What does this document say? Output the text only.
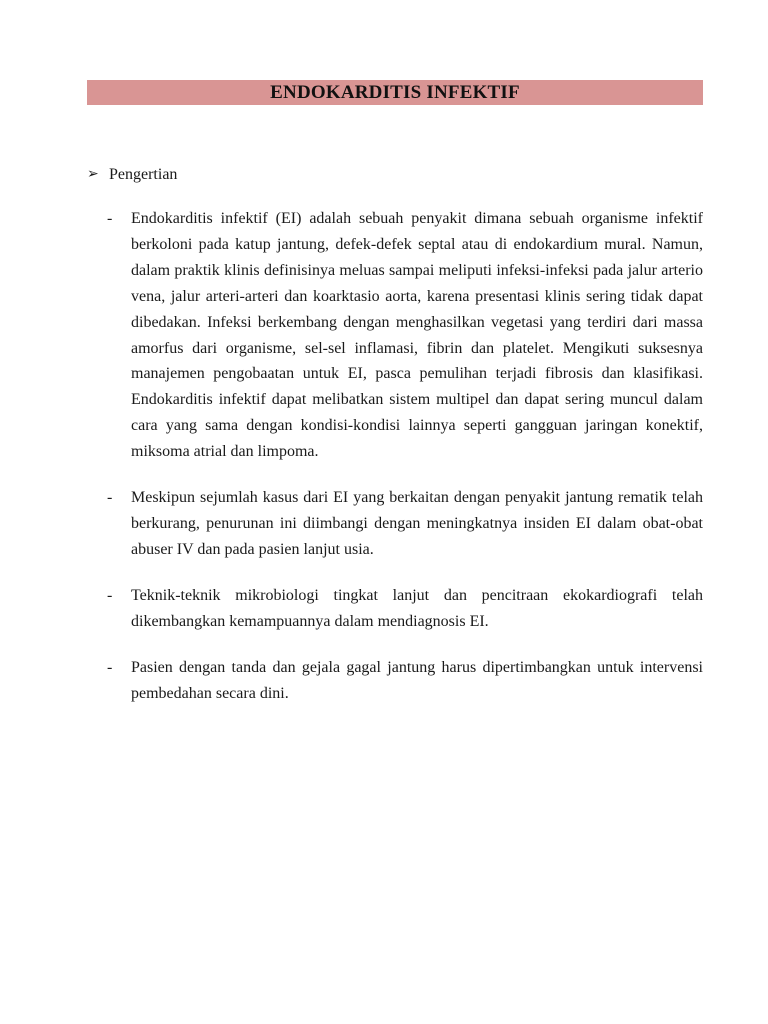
ENDOKARDITIS INFEKTIF
➢ Pengertian
-	Endokarditis infektif (EI) adalah sebuah penyakit dimana sebuah organisme infektif berkoloni pada katup jantung, defek-defek septal atau di endokardium mural. Namun, dalam praktik klinis definisinya meluas sampai meliputi infeksi-infeksi pada jalur arterio vena, jalur arteri-arteri dan koarktasio aorta, karena presentasi klinis sering tidak dapat dibedakan. Infeksi berkembang dengan menghasilkan vegetasi yang terdiri dari massa amorfus dari organisme, sel-sel inflamasi, fibrin dan platelet. Mengikuti suksesnya manajemen pengobaatan untuk EI, pasca pemulihan terjadi fibrosis dan klasifikasi. Endokarditis infektif dapat melibatkan sistem multipel dan dapat sering muncul dalam cara yang sama dengan kondisi-kondisi lainnya seperti gangguan jaringan konektif, miksoma atrial dan limpoma.
-	Meskipun sejumlah kasus dari EI yang berkaitan dengan penyakit jantung rematik telah berkurang, penurunan ini diimbangi dengan meningkatnya insiden EI dalam obat-obat abuser IV dan pada pasien lanjut usia.
-	Teknik-teknik mikrobiologi tingkat lanjut dan pencitraan ekokardiografi telah dikembangkan kemampuannya dalam mendiagnosis EI.
-	Pasien dengan tanda dan gejala gagal jantung harus dipertimbangkan untuk intervensi pembedahan secara dini.
